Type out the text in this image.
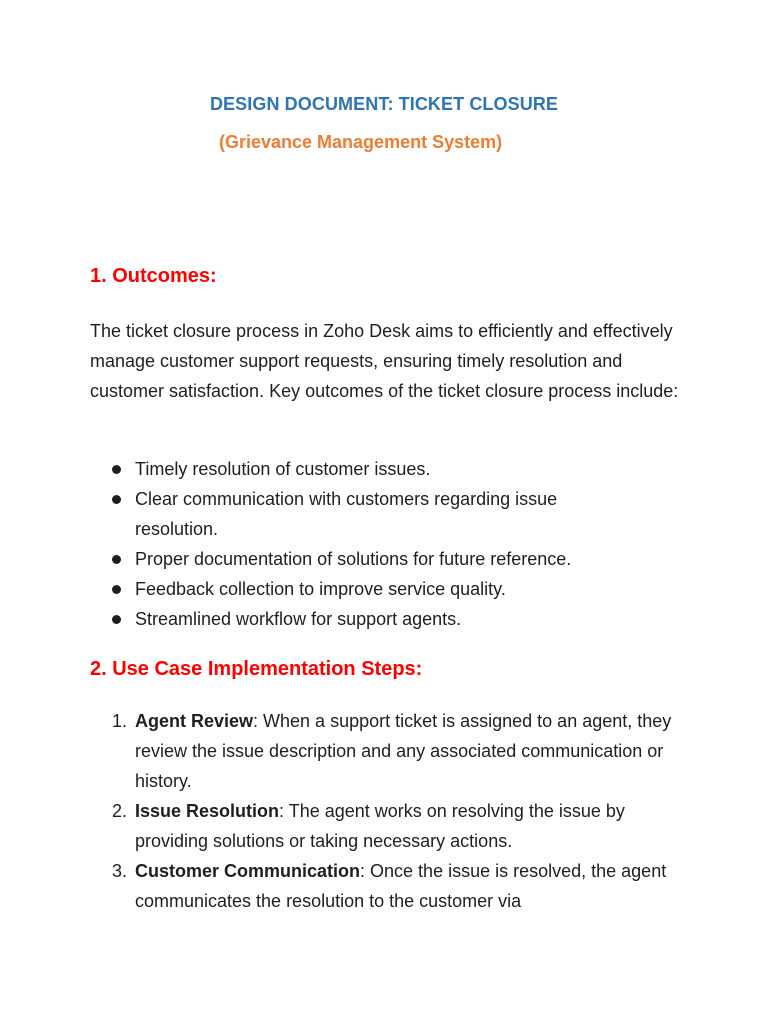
DESIGN DOCUMENT: TICKET CLOSURE
(Grievance Management System)
1. Outcomes:
The ticket closure process in Zoho Desk aims to efficiently and effectively manage customer support requests, ensuring timely resolution and customer satisfaction. Key outcomes of the ticket closure process include:
Timely resolution of customer issues.
Clear communication with customers regarding issue resolution.
Proper documentation of solutions for future reference.
Feedback collection to improve service quality.
Streamlined workflow for support agents.
2. Use Case Implementation Steps:
1. Agent Review: When a support ticket is assigned to an agent, they review the issue description and any associated communication or history.
2. Issue Resolution: The agent works on resolving the issue by providing solutions or taking necessary actions.
3. Customer Communication: Once the issue is resolved, the agent communicates the resolution to the customer via
